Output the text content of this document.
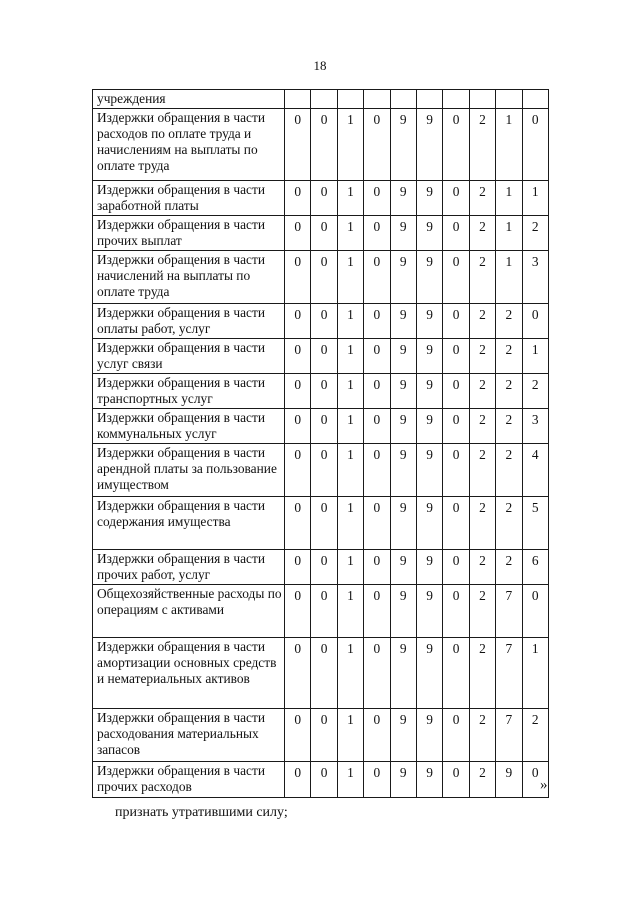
18
учреждения										
Издержки обращения в части расходов по оплате труда и начислениям на выплаты по оплате труда	0	0	1	0	9	9	0	2	1	0
Издержки обращения в части заработной платы	0	0	1	0	9	9	0	2	1	1
Издержки обращения в части прочих выплат	0	0	1	0	9	9	0	2	1	2
Издержки обращения в части начислений на выплаты по оплате труда	0	0	1	0	9	9	0	2	1	3
Издержки обращения в части оплаты работ, услуг	0	0	1	0	9	9	0	2	2	0
Издержки обращения в части услуг связи	0	0	1	0	9	9	0	2	2	1
Издержки обращения в части транспортных услуг	0	0	1	0	9	9	0	2	2	2
Издержки обращения в части коммунальных услуг	0	0	1	0	9	9	0	2	2	3
Издержки обращения в части арендной платы за пользование имуществом	0	0	1	0	9	9	0	2	2	4
Издержки обращения в части содержания имущества	0	0	1	0	9	9	0	2	2	5
Издержки обращения в части прочих работ, услуг	0	0	1	0	9	9	0	2	2	6
Общехозяйственные расходы по операциям с активами	0	0	1	0	9	9	0	2	7	0
Издержки обращения в части амортизации основных средств и нематериальных активов	0	0	1	0	9	9	0	2	7	1
Издержки обращения в части расходования материальных запасов	0	0	1	0	9	9	0	2	7	2
Издержки обращения в части прочих расходов	0	0	1	0	9	9	0	2	9	0
»
признать утратившими силу;
